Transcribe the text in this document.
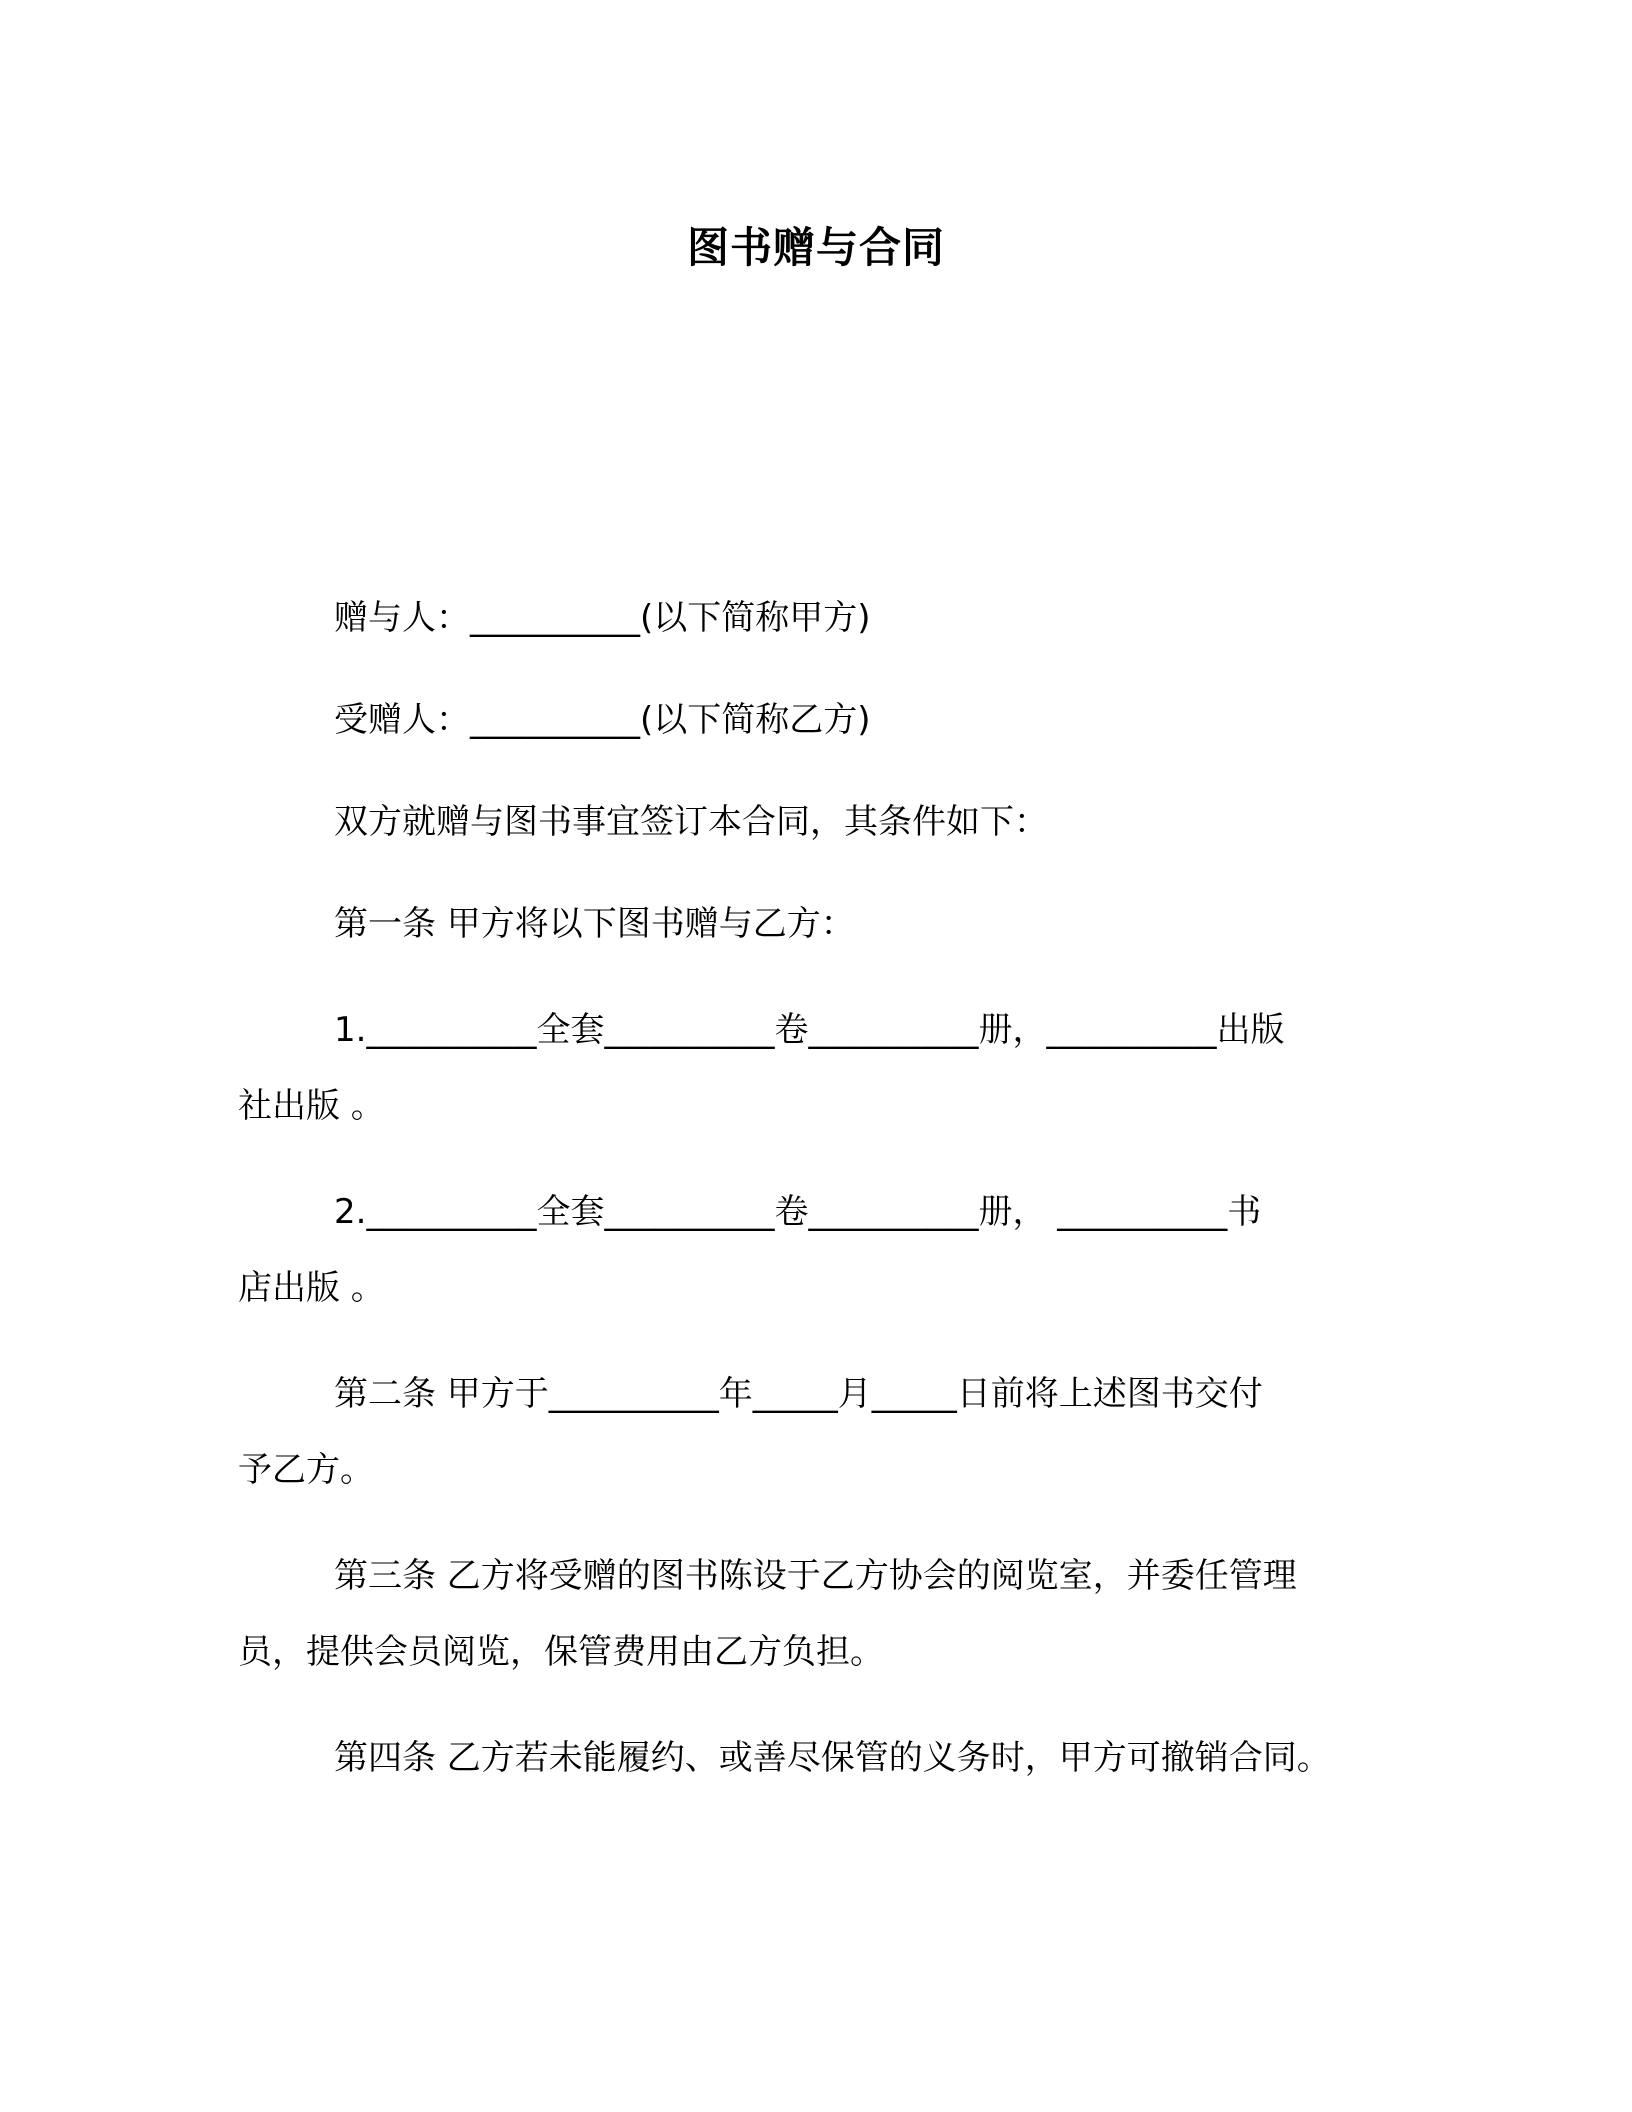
图书赠与合同
赠与人：__________(以下简称甲方)
受赠人：__________(以下简称乙方)
双方就赠与图书事宜签订本合同，其条件如下：
第一条 甲方将以下图书赠与乙方：
1.__________全套__________卷__________册，__________出版
社出版 。
2.__________全套__________卷__________册， __________书
店出版 。
第二条 甲方于__________年_____月_____日前将上述图书交付
予乙方。
第三条 乙方将受赠的图书陈设于乙方协会的阅览室，并委任管理
员，提供会员阅览，保管费用由乙方负担。
第四条 乙方若未能履约、或善尽保管的义务时，甲方可撤销合同。
